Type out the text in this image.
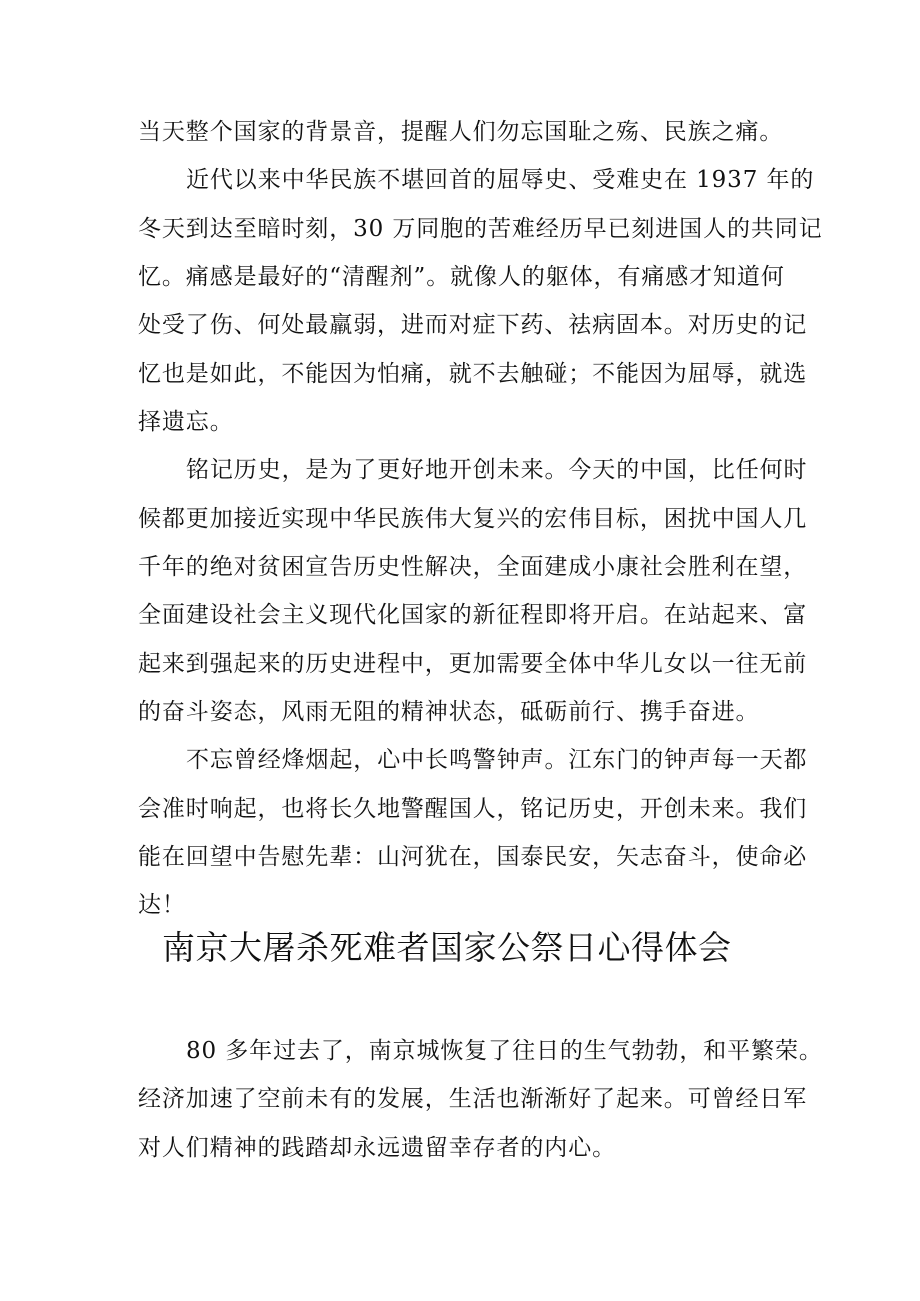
当天整个国家的背景音，提醒人们勿忘国耻之殇、民族之痛。
近代以来中华民族不堪回首的屈辱史、受难史在 1937 年的
冬天到达至暗时刻，30 万同胞的苦难经历早已刻进国人的共同记
忆。痛感是最好的“清醒剂”。就像人的躯体，有痛感才知道何
处受了伤、何处最羸弱，进而对症下药、祛病固本。对历史的记
忆也是如此，不能因为怕痛，就不去触碰；不能因为屈辱，就选
择遗忘。
铭记历史，是为了更好地开创未来。今天的中国，比任何时
候都更加接近实现中华民族伟大复兴的宏伟目标，困扰中国人几
千年的绝对贫困宣告历史性解决，全面建成小康社会胜利在望，
全面建设社会主义现代化国家的新征程即将开启。在站起来、富
起来到强起来的历史进程中，更加需要全体中华儿女以一往无前
的奋斗姿态，风雨无阻的精神状态，砥砺前行、携手奋进。
不忘曾经烽烟起，心中长鸣警钟声。江东门的钟声每一天都
会准时响起，也将长久地警醒国人，铭记历史，开创未来。我们
能在回望中告慰先辈：山河犹在，国泰民安，矢志奋斗，使命必
达！
南京大屠杀死难者国家公祭日心得体会
80 多年过去了，南京城恢复了往日的生气勃勃，和平繁荣。
经济加速了空前未有的发展，生活也渐渐好了起来。可曾经日军
对人们精神的践踏却永远遗留幸存者的内心。
